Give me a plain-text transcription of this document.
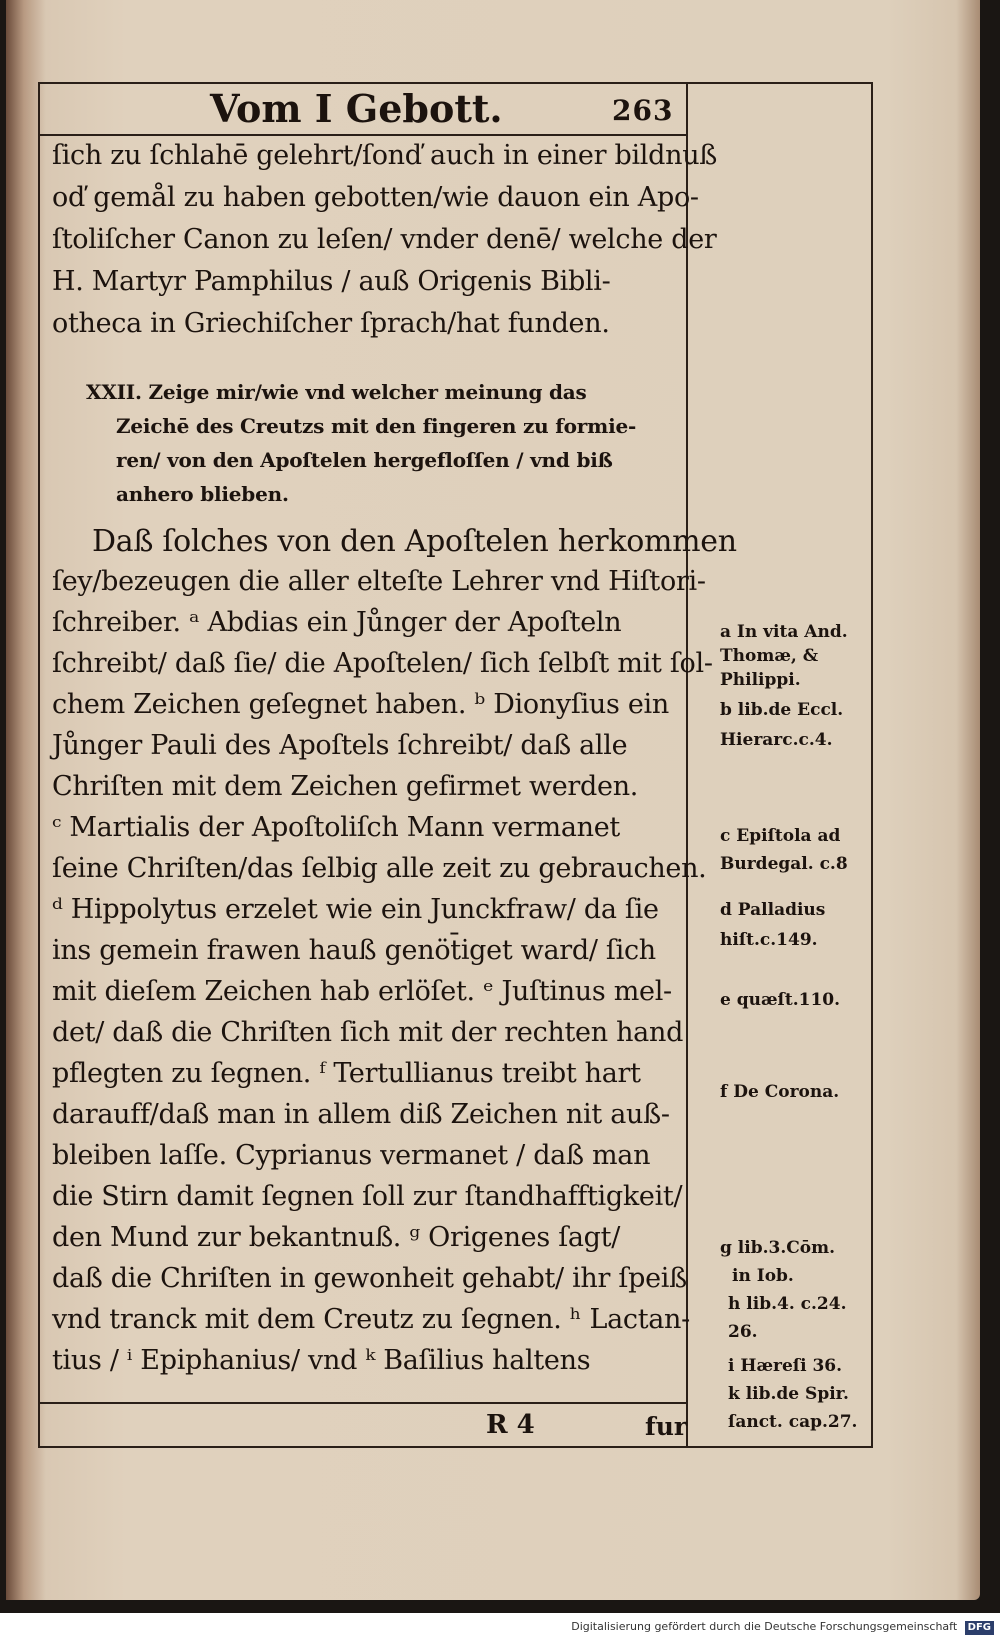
Vom I Gebott.	263
ſich zu ſchlahē gelehrt/ſonď auch in einer bildnuß
oď gemål zu haben gebotten/wie dauon ein Apo-
ſtoliſcher Canon zu leſen/ vnder denē/ welche der
H. Martyr Pamphilus / auß Origenis Bibli-
otheca in Griechiſcher ſprach/hat funden.
XXII. Zeige mir/wie vnd welcher meinung das
Zeichē des Creutzs mit den fingeren zu formie-
ren/ von den Apoſtelen hergefloſſen / vnd biß
anhero blieben.
Daß ſolches von den Apoſtelen herkommen
ſey/bezeugen die aller elteſte Lehrer vnd Hiſtori-
ſchreiber. ᵃ Abdias ein Jůnger der Apoſteln
ſchreibt/ daß ſie/ die Apoſtelen/ ſich ſelbſt mit ſol-
chem Zeichen geſegnet haben. ᵇ Dionyſius ein
Jůnger Pauli des Apoſtels ſchreibt/ daß alle
Chriſten mit dem Zeichen gefirmet werden.
ᶜ Martialis der Apoſtoliſch Mann vermanet
ſeine Chriſten/das ſelbig alle zeit zu gebrauchen.
ᵈ Hippolytus erzelet wie ein Junckfraw/ da ſie
ins gemein frawen hauß genöt̄iget ward/ ſich
mit dieſem Zeichen hab erlöſet. ᵉ Juſtinus mel-
det/ daß die Chriſten ſich mit der rechten hand
pflegten zu ſegnen. ᶠ Tertullianus treibt hart
darauff/daß man in allem diß Zeichen nit auß-
bleiben laſſe. Cyprianus vermanet / daß man
die Stirn damit ſegnen ſoll zur ſtandhafftigkeit/
den Mund zur bekantnuß. ᵍ Origenes ſagt/
daß die Chriſten in gewonheit gehabt/ ihr ſpeiß
vnd tranck mit dem Creutz zu ſegnen. ʰ Lactan-
tius / ⁱ Epiphanius/ vnd ᵏ Baſilius haltens
a In vita And.
Thomæ, &
Philippi.
b lib.de Eccl.
Hierarc.c.4.
c Epiſtola ad
Burdegal. c.8
d Palladius
hiſt.c.149.
e quæſt.110.
f De Corona.
g lib.3.Cōm.
in Iob.
h lib.4. c.24.
26.
i Hæreſi 36.
k lib.de Spir.
ſanct. cap.27.
R 4	fur
Digitalisierung gefördert durch die Deutsche Forschungsgemeinschaft DFG
